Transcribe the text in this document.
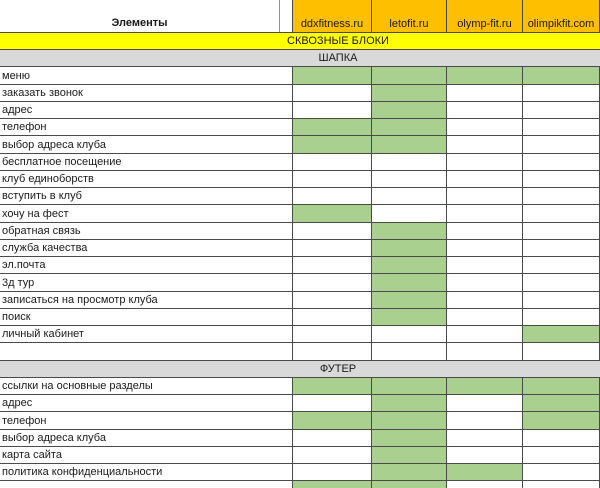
Элементы	ddxfitness.ru	letofit.ru	olymp-fit.ru	olimpikfit.com
СКВОЗНЫЕ БЛОКИ
ШАПКА
меню
заказать звонок
адрес
телефон
выбор адреса клуба
бесплатное посещение
клуб единоборств
вступить в клуб
хочу на фест
обратная связь
служба качества
эл.почта
3д тур
записаться на просмотр клуба
поиск
личный кабинет
ФУТЕР
ссылки на основные разделы
адрес
телефон
выбор адреса клуба
карта сайта
политика конфиденциальности
